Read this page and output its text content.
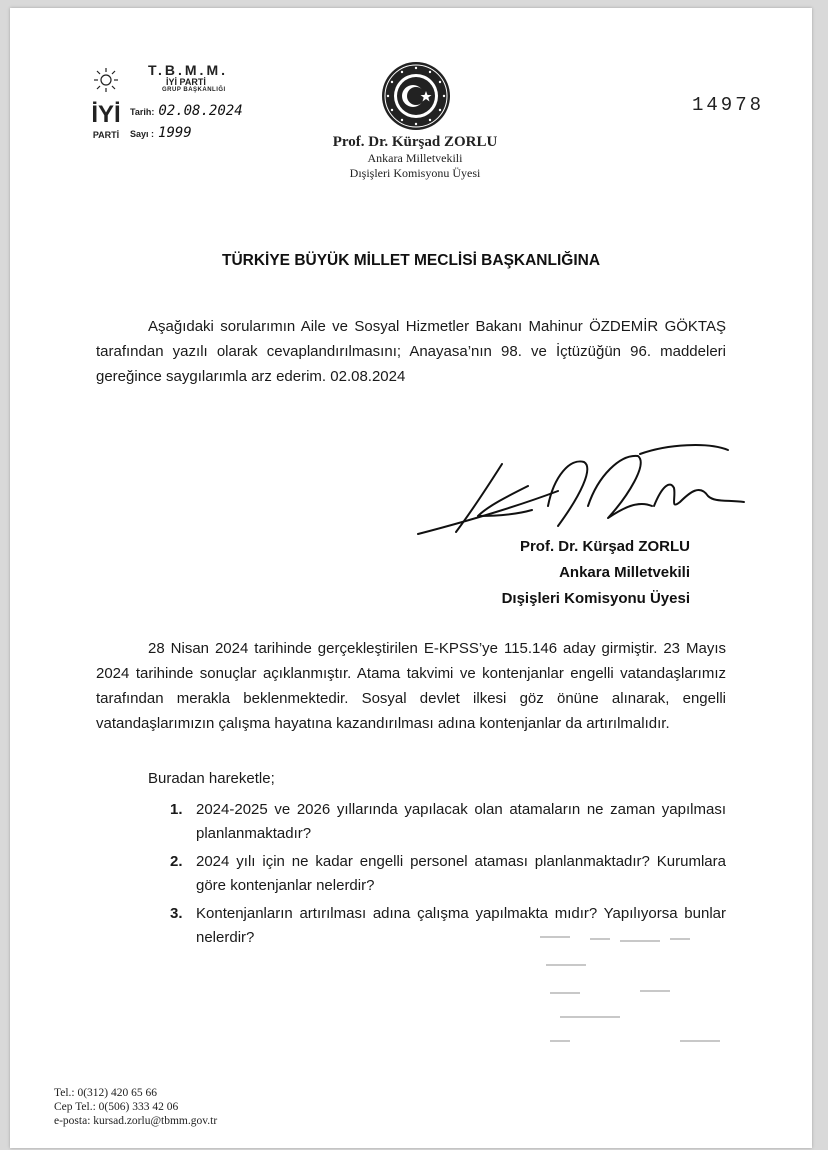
İYİ
PARTİ
T.B.M.M.
İYİ PARTİ
GRUP BAŞKANLIĞI
Tarih: 02.08.2024
Sayı : 1999
14978
Prof. Dr. Kürşad ZORLU
Ankara Milletvekili
Dışişleri Komisyonu Üyesi
TÜRKİYE BÜYÜK MİLLET MECLİSİ BAŞKANLIĞINA
Aşağıdaki sorularımın Aile ve Sosyal Hizmetler Bakanı Mahinur ÖZDEMİR GÖKTAŞ tarafından yazılı olarak cevaplandırılmasını; Anayasa’nın 98. ve İçtüzüğün 96. maddeleri gereğince saygılarımla arz ederim. 02.08.2024
Prof. Dr. Kürşad ZORLU
Ankara Milletvekili
Dışişleri Komisyonu Üyesi
28 Nisan 2024 tarihinde gerçekleştirilen E-KPSS’ye 115.146 aday girmiştir. 23 Mayıs 2024 tarihinde sonuçlar açıklanmıştır. Atama takvimi ve kontenjanlar engelli vatandaşlarımız tarafından merakla beklenmektedir. Sosyal devlet ilkesi göz önüne alınarak, engelli vatandaşlarımızın çalışma hayatına kazandırılması adına kontenjanlar da artırılmalıdır.
Buradan hareketle;
1. 2024-2025 ve 2026 yıllarında yapılacak olan atamaların ne zaman yapılması planlanmaktadır?
2. 2024 yılı için ne kadar engelli personel ataması planlanmaktadır? Kurumlara göre kontenjanlar nelerdir?
3. Kontenjanların artırılması adına çalışma yapılmakta mıdır? Yapılıyorsa bunlar nelerdir?
Tel.: 0(312) 420 65 66
Cep Tel.: 0(506) 333 42 06
e-posta: kursad.zorlu@tbmm.gov.tr
